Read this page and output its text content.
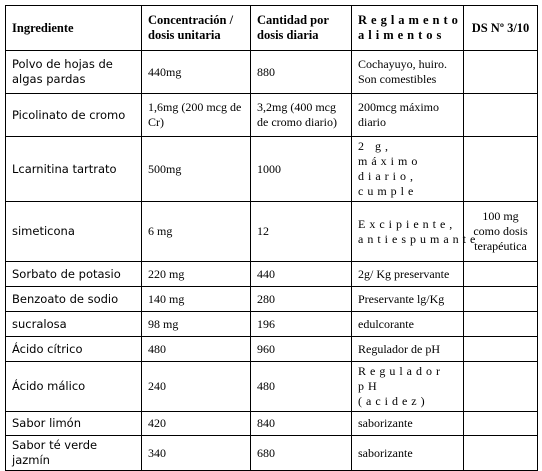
Ingrediente	Concentración / dosis unitaria	Cantidad por dosis diaria	Reglamento alimentos	DS Nº 3/10
Polvo de hojas de algas pardas	440mg	880	Cochayuyo, huiro. Son comestibles	
Picolinato de cromo	1,6mg (200 mcg de Cr)	3,2mg (400 mcg de cromo diario)	200mcg máximo diario	
Lcarnitina tartrato	500mg	1000	2 g, máximo diario, cumple	
simeticona	6 mg	12	Excipiente, antiespumante	100 mg como dosis terapéutica
Sorbato de potasio	220 mg	440	2g/ Kg preservante	
Benzoato de sodio	140 mg	280	Preservante lg/Kg	
sucralosa	98 mg	196	edulcorante	
Ácido cítrico	480	960	Regulador de pH	
Ácido málico	240	480	Regulador pH (acidez)	
Sabor limón	420	840	saborizante	
Sabor té verde jazmín	340	680	saborizante	
